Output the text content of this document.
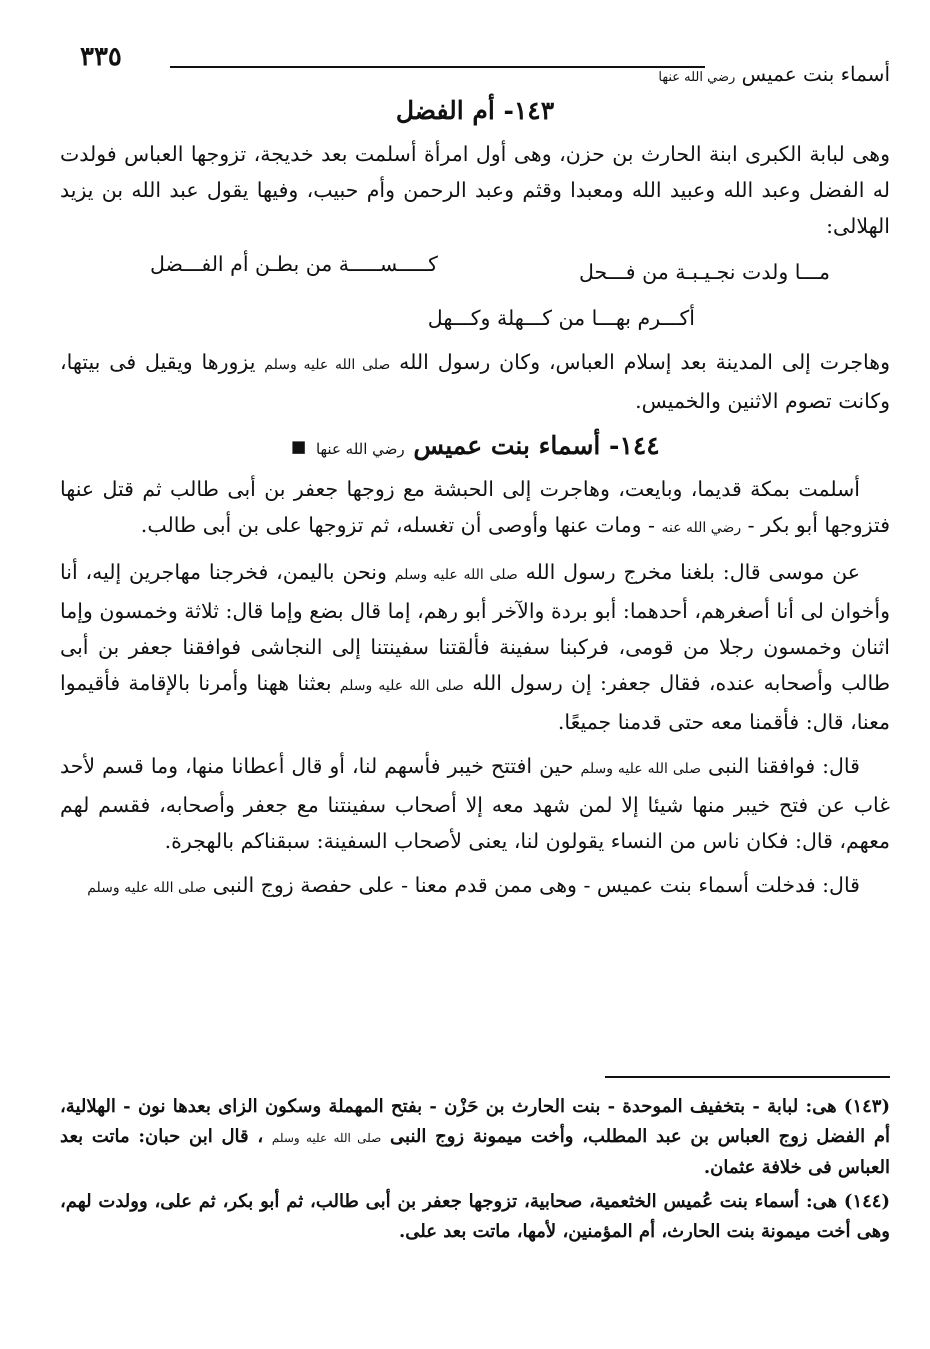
أسماء بنت عميس رضي الله عنها
٣٣٥
١٤٣- أم الفضل

وهى لبابة الكبرى ابنة الحارث بن حزن، وهى أول امرأة أسلمت بعد خديجة، تزوجها العباس فولدت له الفضل وعبد الله وعبيد الله ومعبدا وقثم وعبد الرحمن وأم حبيب، وفيها يقول عبد الله بن يزيد الهلالى:

مـــا ولدت نجـيـبـة من فـــحل
كـــــســـــة من بطـن أم الفـــضل
أكـــرم بهـــا من كـــهلة وكـــهل

وهاجرت إلى المدينة بعد إسلام العباس، وكان رسول الله صلى الله عليه وسلم يزورها ويقيل فى بيتها، وكانت تصوم الاثنين والخميس.

١٤٤- أسماء بنت عميس رضي الله عنها ▪

أسلمت بمكة قديما، وبايعت، وهاجرت إلى الحبشة مع زوجها جعفر بن أبى طالب ثم قتل عنها فتزوجها أبو بكر - رضي الله عنه - ومات عنها وأوصى أن تغسله، ثم تزوجها على بن أبى طالب.

عن موسى قال: بلغنا مخرج رسول الله صلى الله عليه وسلم ونحن باليمن، فخرجنا مهاجرين إليه، أنا وأخوان لى أنا أصغرهم، أحدهما: أبو بردة والآخر أبو رهم، إما قال بضع وإما قال: ثلاثة وخمسون وإما اثنان وخمسون رجلا من قومى، فركبنا سفينة فألقتنا سفينتنا إلى النجاشى فوافقنا جعفر بن أبى طالب وأصحابه عنده، فقال جعفر: إن رسول الله صلى الله عليه وسلم بعثنا ههنا وأمرنا بالإقامة فأقيموا معنا، قال: فأقمنا معه حتى قدمنا جميعًا.

قال: فوافقنا النبى صلى الله عليه وسلم حين افتتح خيبر فأسهم لنا، أو قال أعطانا منها، وما قسم لأحد غاب عن فتح خيبر منها شيئا إلا لمن شهد معه إلا أصحاب سفينتنا مع جعفر وأصحابه، فقسم لهم معهم، قال: فكان ناس من النساء يقولون لنا، يعنى لأصحاب السفينة: سبقناكم بالهجرة.

قال: فدخلت أسماء بنت عميس - وهى ممن قدم معنا - على حفصة زوج النبى صلى الله عليه وسلم

(١٤٣) هى: لبابة - بتخفيف الموحدة - بنت الحارث بن حَزْن - بفتح المهملة وسكون الزاى بعدها نون - الهلالية، أم الفضل زوج العباس بن عبد المطلب، وأخت ميمونة زوج النبى صلى الله عليه وسلم ، قال ابن حبان: ماتت بعد العباس فى خلافة عثمان.

(١٤٤) هى: أسماء بنت عُميس الخثعمية، صحابية، تزوجها جعفر بن أبى طالب، ثم أبو بكر، ثم على، وولدت لهم، وهى أخت ميمونة بنت الحارث، أم المؤمنين، لأمها، ماتت بعد على.
